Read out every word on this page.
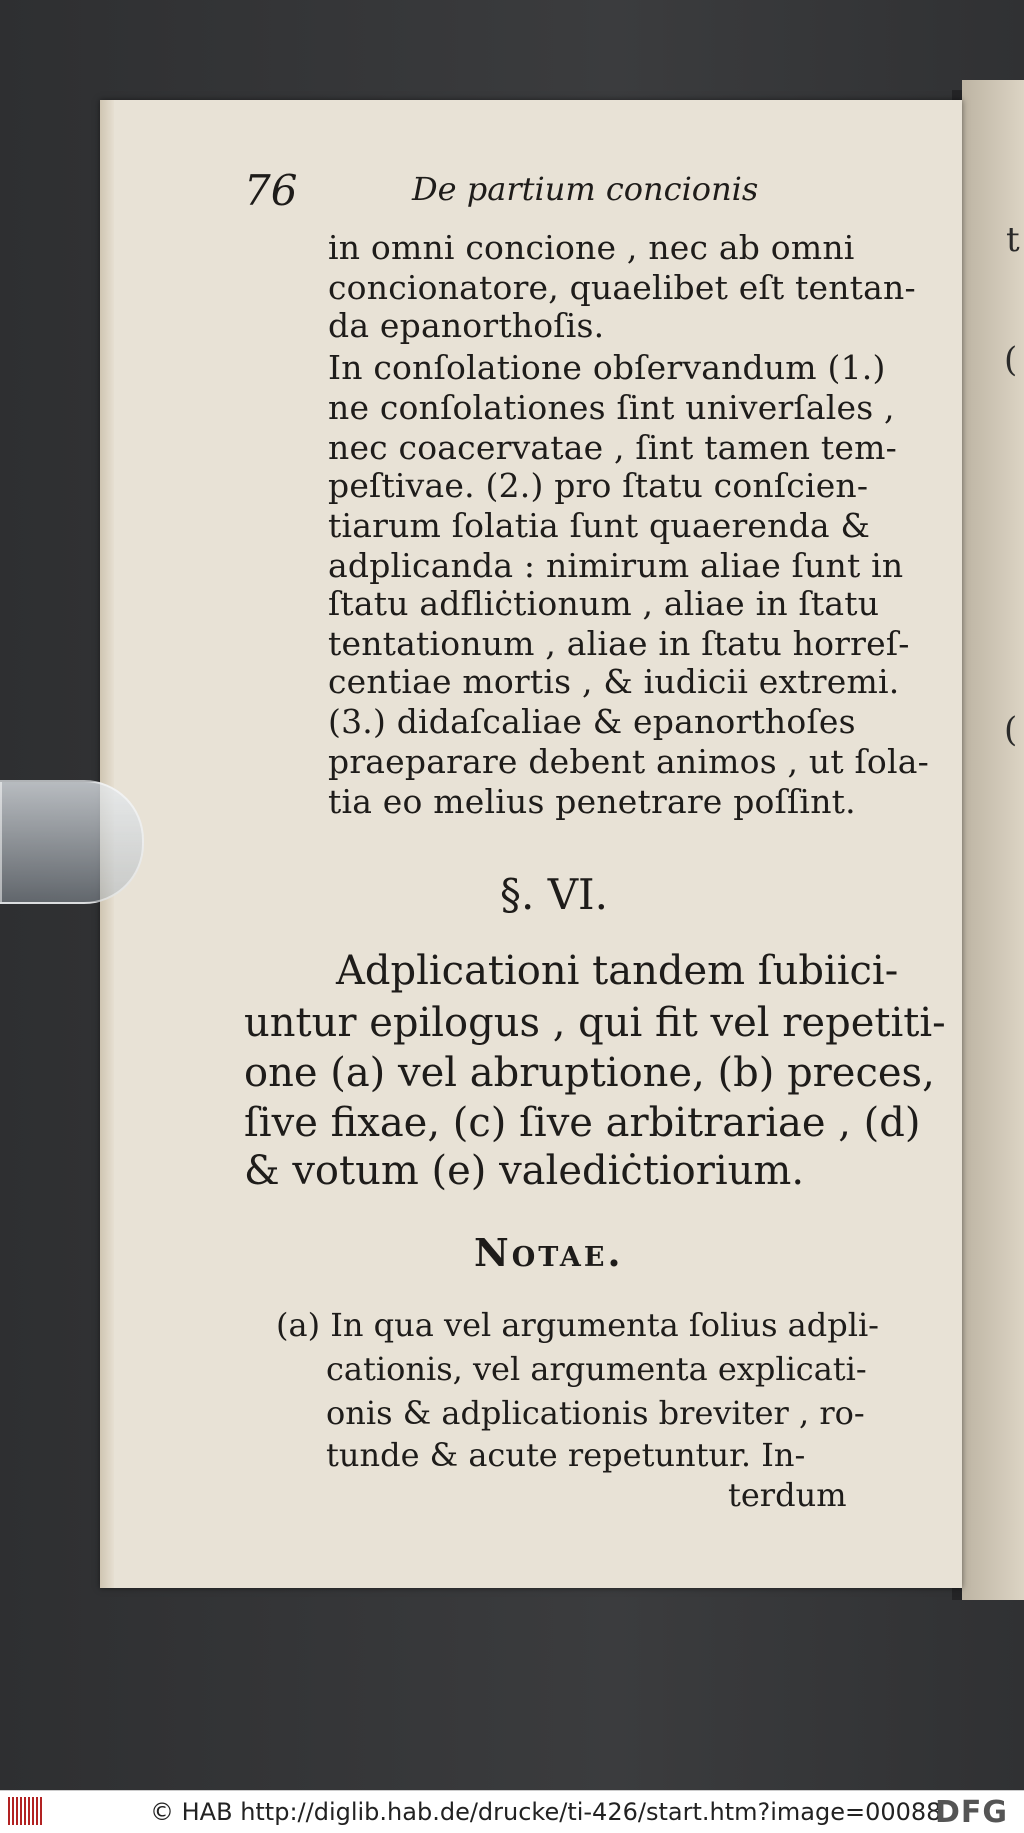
t
(
(
76	De partium concionis
in omni concione , nec ab omni
concionatore, quaelibet eſt tentan-
da epanorthoſis.
In conſolatione obſervandum (1.)
ne conſolationes ſint univerſales ,
nec coacervatae , ſint tamen tem-
peſtivae. (2.) pro ſtatu conſcien-
tiarum ſolatia ſunt quaerenda &
adplicanda : nimirum aliae ſunt in
ſtatu adfliċtionum , aliae in ſtatu
tentationum , aliae in ſtatu horreſ-
centiae mortis , & iudicii extremi.
(3.) didaſcaliae & epanorthoſes
praeparare debent animos , ut ſola-
tia eo melius penetrare poſſint.
§. VI.
Adplicationi tandem ſubiici-
untur epilogus , qui fit vel repetiti-
one (a) vel abruptione, (b) preces,
ſive fixae, (c) ſive arbitrariae , (d)
& votum (e) valediċtiorium.
Notae.
(a) In qua vel argumenta ſolius adpli-
cationis, vel argumenta explicati-
onis & adplicationis breviter , ro-
tunde & acute repetuntur. In-
terdum
© HAB http://diglib.hab.de/drucke/ti-426/start.htm?image=00088
DFG
